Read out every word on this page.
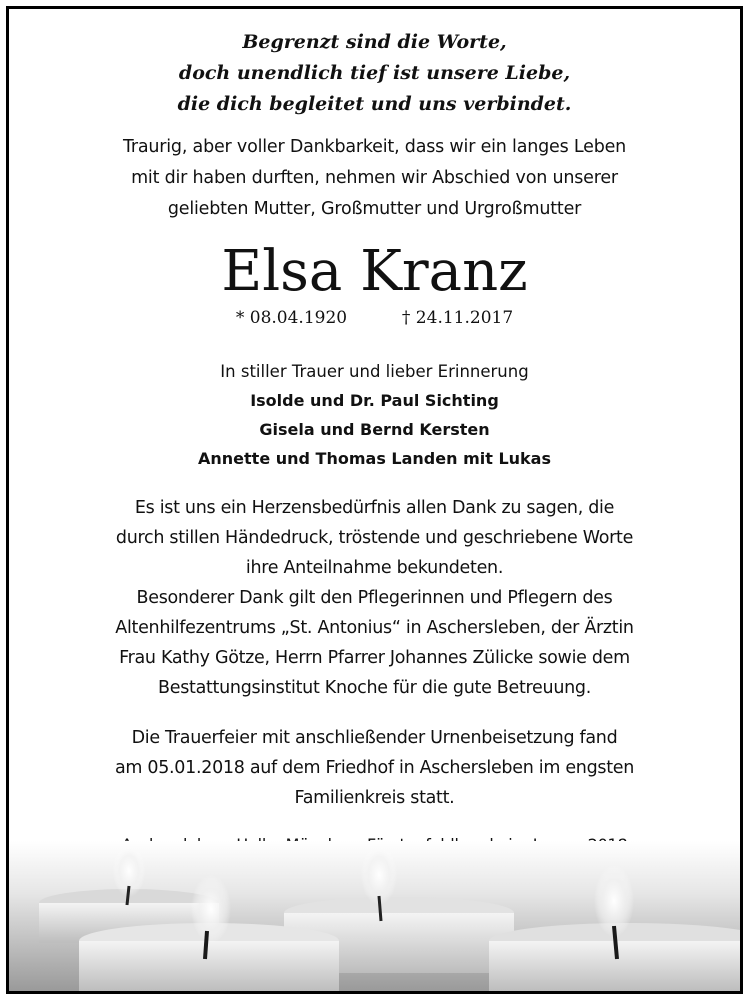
Begrenzt sind die Worte,
doch unendlich tief ist unsere Liebe,
die dich begleitet und uns verbindet.
Traurig, aber voller Dankbarkeit, dass wir ein langes Leben
mit dir haben durften, nehmen wir Abschied von unserer
geliebten Mutter, Großmutter und Urgroßmutter
Elsa Kranz
* 08.04.1920	† 24.11.2017
In stiller Trauer und lieber Erinnerung
Isolde und Dr. Paul Sichting
Gisela und Bernd Kersten
Annette und Thomas Landen mit Lukas
Es ist uns ein Herzensbedürfnis allen Dank zu sagen, die
durch stillen Händedruck, tröstende und geschriebene Worte
ihre Anteilnahme bekundeten.
Besonderer Dank gilt den Pflegerinnen und Pflegern des
Altenhilfezentrums „St. Antonius“ in Aschersleben, der Ärztin
Frau Kathy Götze, Herrn Pfarrer Johannes Zülicke sowie dem
Bestattungsinstitut Knoche für die gute Betreuung.
Die Trauerfeier mit anschließender Urnenbeisetzung fand
am 05.01.2018 auf dem Friedhof in Aschersleben im engsten
Familienkreis statt.
